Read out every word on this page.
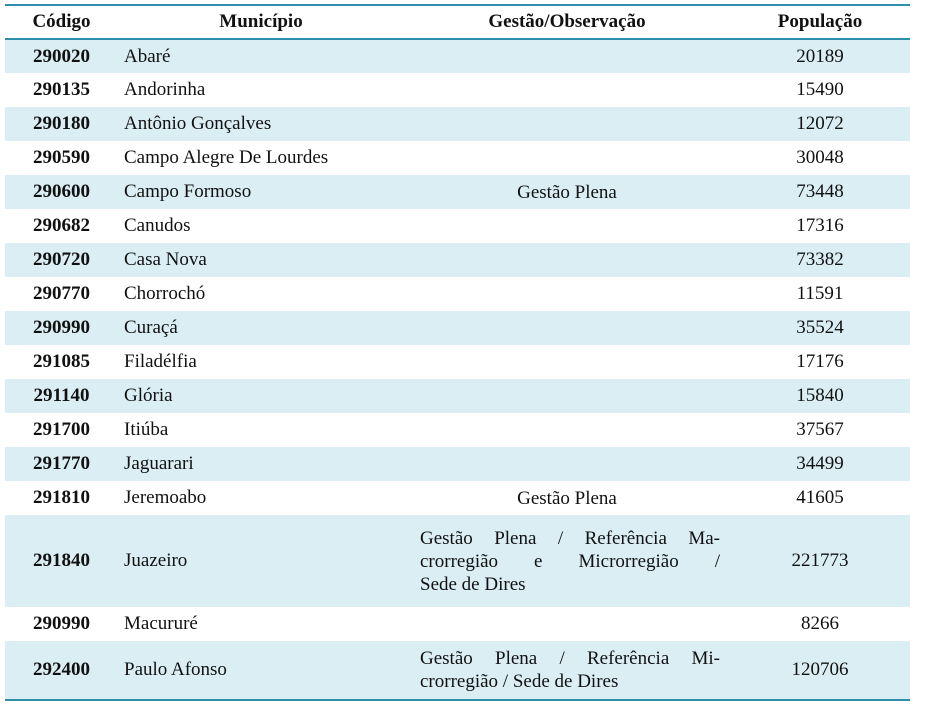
Código	Município	Gestão/Observação	População
290020	Abaré		20189
290135	Andorinha		15490
290180	Antônio Gonçalves		12072
290590	Campo Alegre De Lourdes		30048
290600	Campo Formoso	Gestão Plena	73448
290682	Canudos		17316
290720	Casa Nova		73382
290770	Chorrochó		11591
290990	Curaçá		35524
291085	Filadélfia		17176
291140	Glória		15840
291700	Itiúba		37567
291770	Jaguarari		34499
291810	Jeremoabo	Gestão Plena	41605
291840	Juazeiro	Gestão Plena / Referência Ma-
crorregião e Microrregião /
Sede de Dires	221773
290990	Macururé		8266
292400	Paulo Afonso	Gestão Plena / Referência Mi-
crorregião / Sede de Dires	120706
